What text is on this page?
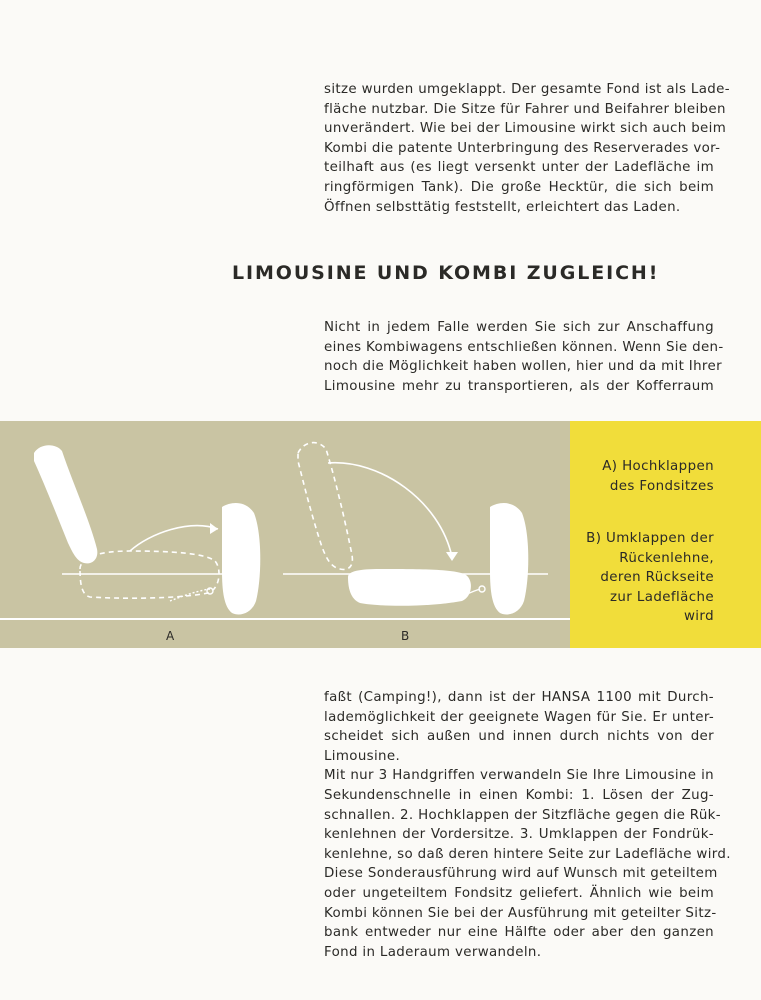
sitze wurden umgeklappt. Der gesamte Fond ist als Lade-
fläche nutzbar. Die Sitze für Fahrer und Beifahrer bleiben
unverändert. Wie bei der Limousine wirkt sich auch beim
Kombi die patente Unterbringung des Reserverades vor-
teilhaft aus (es liegt versenkt unter der Ladefläche im
ringförmigen Tank). Die große Hecktür, die sich beim
Öffnen selbsttätig feststellt, erleichtert das Laden.
LIMOUSINE UND KOMBI ZUGLEICH!
Nicht in jedem Falle werden Sie sich zur Anschaffung
eines Kombiwagens entschließen können. Wenn Sie den-
noch die Möglichkeit haben wollen, hier und da mit Ihrer
Limousine mehr zu transportieren, als der Kofferraum
A	B
A) Hochklappen
des Fondsitzes
B) Umklappen der
Rückenlehne,
deren Rückseite
zur Ladefläche
wird
faßt (Camping!), dann ist der HANSA 1100 mit Durch-
lademöglichkeit der geeignete Wagen für Sie. Er unter-
scheidet sich außen und innen durch nichts von der
Limousine.
Mit nur 3 Handgriffen verwandeln Sie Ihre Limousine in
Sekundenschnelle in einen Kombi: 1. Lösen der Zug-
schnallen. 2. Hochklappen der Sitzfläche gegen die Rük-
kenlehnen der Vordersitze. 3. Umklappen der Fondrük-
kenlehne, so daß deren hintere Seite zur Ladefläche wird.
Diese Sonderausführung wird auf Wunsch mit geteiltem
oder ungeteiltem Fondsitz geliefert. Ähnlich wie beim
Kombi können Sie bei der Ausführung mit geteilter Sitz-
bank entweder nur eine Hälfte oder aber den ganzen
Fond in Laderaum verwandeln.
